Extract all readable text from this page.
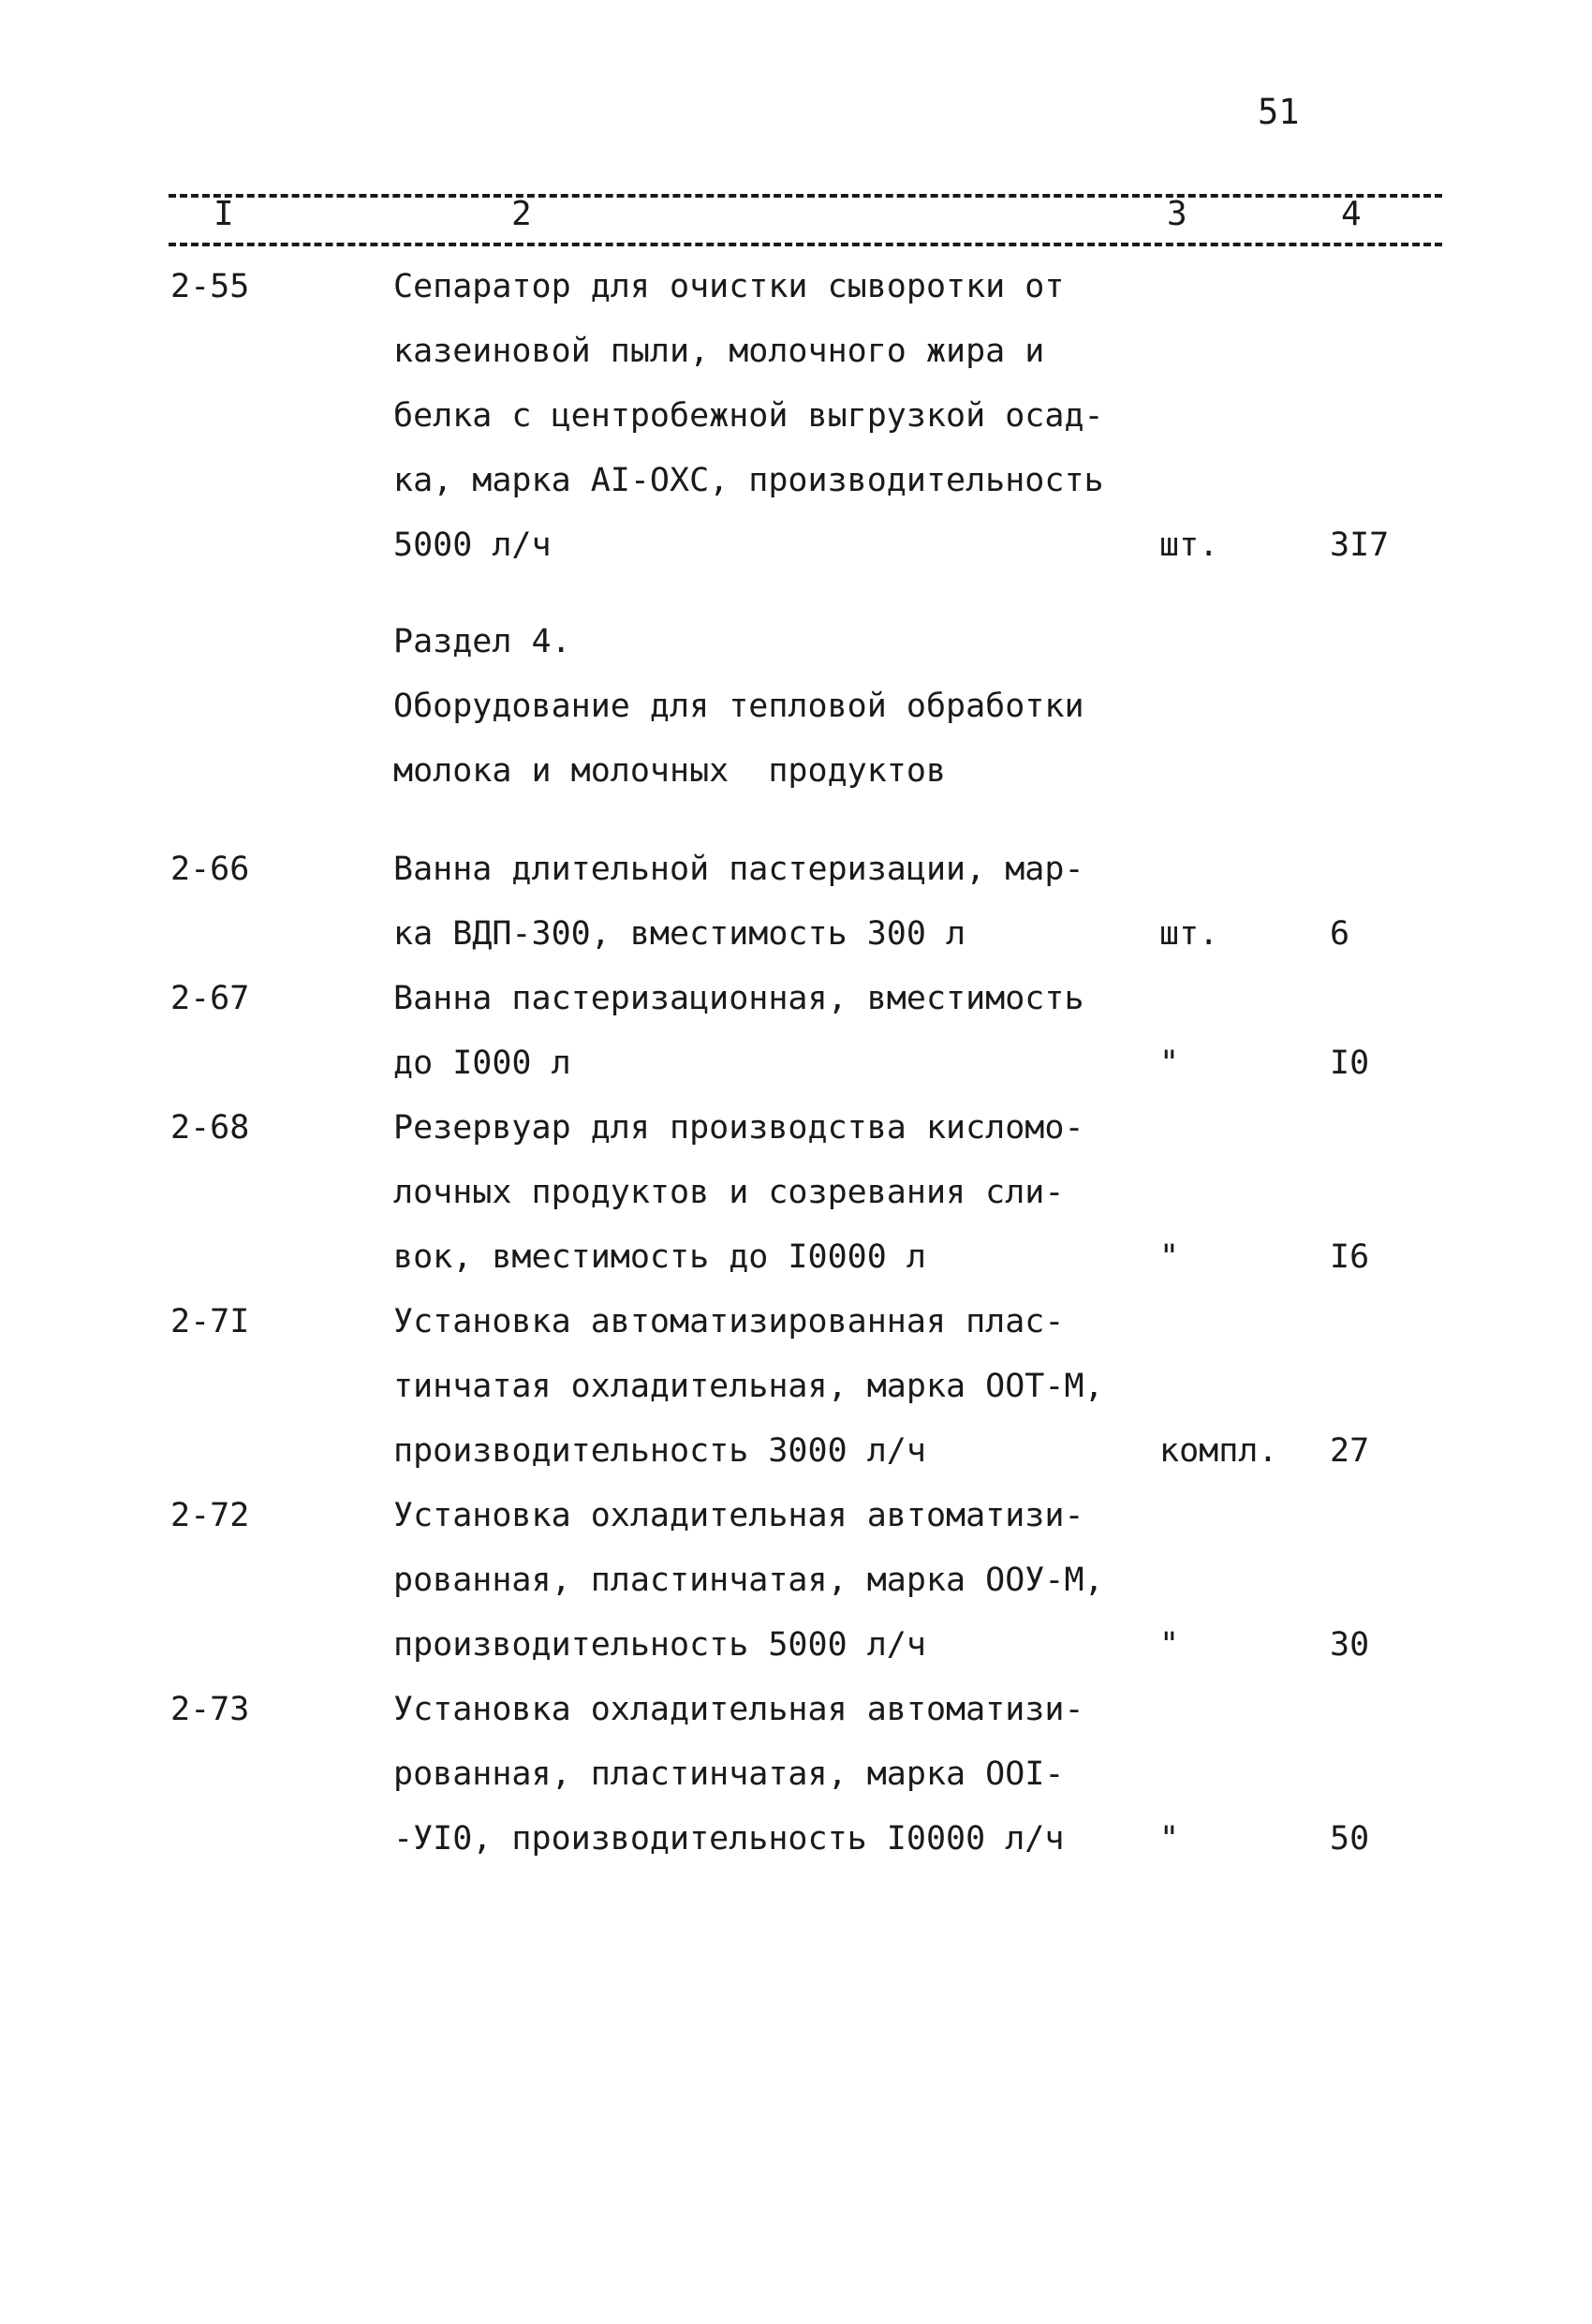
51
I	2	3	4
2-55	Сепаратор для очистки сыворотки от
казеиновой пыли, молочного жира и
белка с центробежной выгрузкой осад-
ка, марка АI-ОХС, производительность
5000 л/ч	шт.	3I7
Раздел 4.
Оборудование для тепловой обработки
молока и молочных  продуктов
2-66	Ванна длительной пастеризации, мар-
ка ВДП-300, вместимость 300 л	шт.	6
2-67	Ванна пастеризационная, вместимость
до I000 л	"	I0
2-68	Резервуар для производства кисломо-
лочных продуктов и созревания сли-
вок, вместимость до I0000 л	"	I6
2-7I	Установка автоматизированная плас-
тинчатая охладительная, марка ООТ-М,
производительность 3000 л/ч	компл. 27
2-72	Установка охладительная автоматизи-
рованная, пластинчатая, марка ООУ-М,
производительность 5000 л/ч	"	30
2-73	Установка охладительная автоматизи-
рованная, пластинчатая, марка ООI-
-УI0, производительность I0000 л/ч	"	50
